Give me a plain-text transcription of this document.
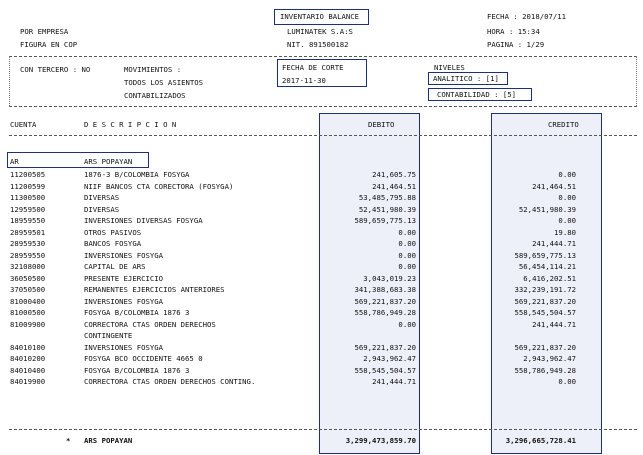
POR EMPRESA
FIGURA EN COP
INVENTARIO BALANCE
LUMINATEK S.A:S
NIT. 891500182
FECHA : 2018/07/11
HORA : 15:34
PAGINA : 1/29
CON TERCERO : NO	MOVIMIENTOS :
TODOS LOS ASIENTOS
CONTABILIZADOS
FECHA DE CORTE
2017-11-30
NIVELES
ANALITICO : [1]
CONTABILIDAD : [5]
CUENTA	D E S C R I P C I O N	DEBITO	CREDITO
AR	ARS POPAYAN
11200505	1876-3 B/COLOMBIA FOSYGA	241,605.75	0.00
11200599	NIIF BANCOS CTA CORECTORA (FOSYGA)	241,464.51	241,464.51
11300500	DIVERSAS	53,485,795.88	0.00
12959500	DIVERSAS	52,451,980.39	52,451,980.39
18959550	INVERSIONES DIVERSAS FOSYGA	589,659,775.13	0.00
28959501	OTROS PASIVOS	0.00	19.80
28959530	BANCOS FOSYGA	0.00	241,444.71
28959550	INVERSIONES FOSYGA	0.00	589,659,775.13
32108000	CAPITAL DE ARS	0.00	56,454,114.21
36050500	PRESENTE EJERCICIO	3,043,019.23	6,416,202.51
37050500	REMANENTES EJERCICIOS ANTERIORES	341,388,683.38	332,239,191.72
81000400	INVERSIONES FOSYGA	569,221,837.20	569,221,837.20
81000500	FOSYGA B/COLOMBIA 1876 3	558,786,949.28	558,545,504.57
81009900	CORRECTORA CTAS ORDEN DERECHOS	0.00	241,444.71
CONTINGENTE
84010100	INVERSIONES FOSYGA	569,221,837.20	569,221,837.20
84010200	FOSYGA BCO OCCIDENTE 4665 0	2,943,962.47	2,943,962.47
84010400	FOSYGA B/COLOMBIA 1876 3	558,545,504.57	558,786,949.28
84019900	CORRECTORA CTAS ORDEN DERECHOS CONTING.	241,444.71	0.00
* ARS POPAYAN	3,299,473,859.70	3,296,665,728.41
